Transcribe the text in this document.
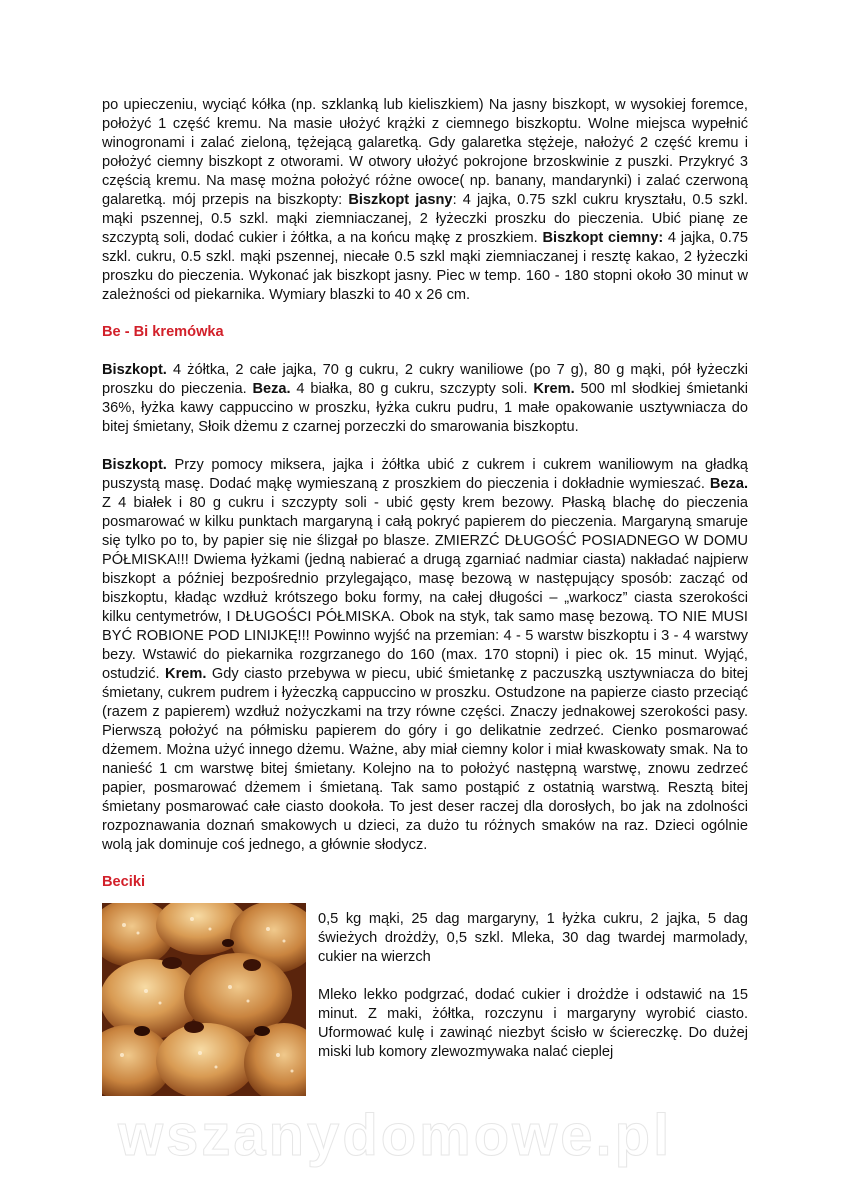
po upieczeniu, wyciąć kółka (np. szklanką lub kieliszkiem) Na jasny biszkopt, w wysokiej foremce, położyć 1 część kremu. Na masie ułożyć krążki z ciemnego biszkoptu. Wolne miejsca wypełnić winogronami i zalać zieloną, tężejącą galaretką. Gdy galaretka stężeje, nałożyć 2 część kremu i położyć ciemny biszkopt z otworami. W otwory ułożyć pokrojone brzoskwinie z puszki. Przykryć 3 częścią kremu. Na masę można położyć różne owoce( np. banany, mandarynki) i zalać czerwoną galaretką. mój przepis na biszkopty: Biszkopt jasny: 4 jajka, 0.75 szkl cukru kryształu, 0.5 szkl. mąki pszennej, 0.5 szkl. mąki ziemniaczanej, 2 łyżeczki proszku do pieczenia. Ubić pianę ze szczyptą soli, dodać cukier i żółtka, a na końcu mąkę z proszkiem. Biszkopt ciemny: 4 jajka, 0.75 szkl. cukru, 0.5 szkl. mąki pszennej, niecałe 0.5 szkl mąki ziemniaczanej i resztę kakao, 2 łyżeczki proszku do pieczenia. Wykonać jak biszkopt jasny. Piec w temp. 160 - 180 stopni około 30 minut w zależności od piekarnika. Wymiary blaszki to 40 x 26 cm.

Be - Bi kremówka

Biszkopt. 4 żółtka, 2 całe jajka, 70 g cukru, 2 cukry waniliowe (po 7 g), 80 g mąki, pół łyżeczki proszku do pieczenia. Beza. 4 białka, 80 g cukru, szczypty soli. Krem. 500 ml słodkiej śmietanki 36%, łyżka kawy cappuccino w proszku, łyżka cukru pudru, 1 małe opakowanie usztywniacza do bitej śmietany, Słoik dżemu z czarnej porzeczki do smarowania biszkoptu.

Biszkopt. Przy pomocy miksera, jajka i żółtka ubić z cukrem i cukrem waniliowym na gładką puszystą masę. Dodać mąkę wymieszaną z proszkiem do pieczenia i dokładnie wymieszać. Beza. Z 4 białek i 80 g cukru i szczypty soli - ubić gęsty krem bezowy. Płaską blachę do pieczenia posmarować w kilku punktach margaryną i całą pokryć papierem do pieczenia. Margaryną smaruje się tylko po to, by papier się nie ślizgał po blasze. ZMIERZĆ DŁUGOŚĆ POSIADNEGO W DOMU PÓŁMISKA!!! Dwiema łyżkami (jedną nabierać a drugą zgarniać nadmiar ciasta) nakładać najpierw biszkopt a później bezpośrednio przylegająco, masę bezową w następujący sposób: zacząć od biszkoptu, kładąc wzdłuż krótszego boku formy, na całej długości – „warkocz” ciasta szerokości kilku centymetrów, I DŁUGOŚCI PÓŁMISKA. Obok na styk, tak samo masę bezową. TO NIE MUSI BYĆ ROBIONE POD LINIJKĘ!!! Powinno wyjść na przemian: 4 - 5 warstw biszkoptu i 3 - 4 warstwy bezy. Wstawić do piekarnika rozgrzanego do 160 (max. 170 stopni) i piec ok. 15 minut. Wyjąć, ostudzić. Krem. Gdy ciasto przebywa w piecu, ubić śmietankę z paczuszką usztywniacza do bitej śmietany, cukrem pudrem i łyżeczką cappuccino w proszku. Ostudzone na papierze ciasto przeciąć (razem z papierem) wzdłuż nożyczkami na trzy równe części. Znaczy jednakowej szerokości pasy. Pierwszą położyć na półmisku papierem do góry i go delikatnie zedrzeć. Cienko posmarować dżemem. Można użyć innego dżemu. Ważne, aby miał ciemny kolor i miał kwaskowaty smak. Na to nanieść 1 cm warstwę bitej śmietany. Kolejno na to położyć następną warstwę, znowu zedrzeć papier, posmarować dżemem i śmietaną. Tak samo postąpić z ostatnią warstwą. Resztą bitej śmietany posmarować całe ciasto dookoła. To jest deser raczej dla dorosłych, bo jak na zdolności rozpoznawania doznań smakowych u dzieci, za dużo tu różnych smaków na raz. Dzieci ogólnie wolą jak dominuje coś jednego, a głównie słodycz.

Beciki

0,5 kg mąki, 25 dag margaryny, 1 łyżka cukru, 2 jajka, 5 dag świeżych drożdży, 0,5 szkl. Mleka, 30 dag twardej marmolady, cukier na wierzch

Mleko lekko podgrzać, dodać cukier i drożdże i odstawić na 15 minut. Z maki, żółtka, rozczynu i margaryny wyrobić ciasto. Uformować kulę i zawinąć niezbyt ścisło w ściereczkę. Do dużej miski lub komory zlewozmywaka nalać cieplej

wszanydomowe.pl
